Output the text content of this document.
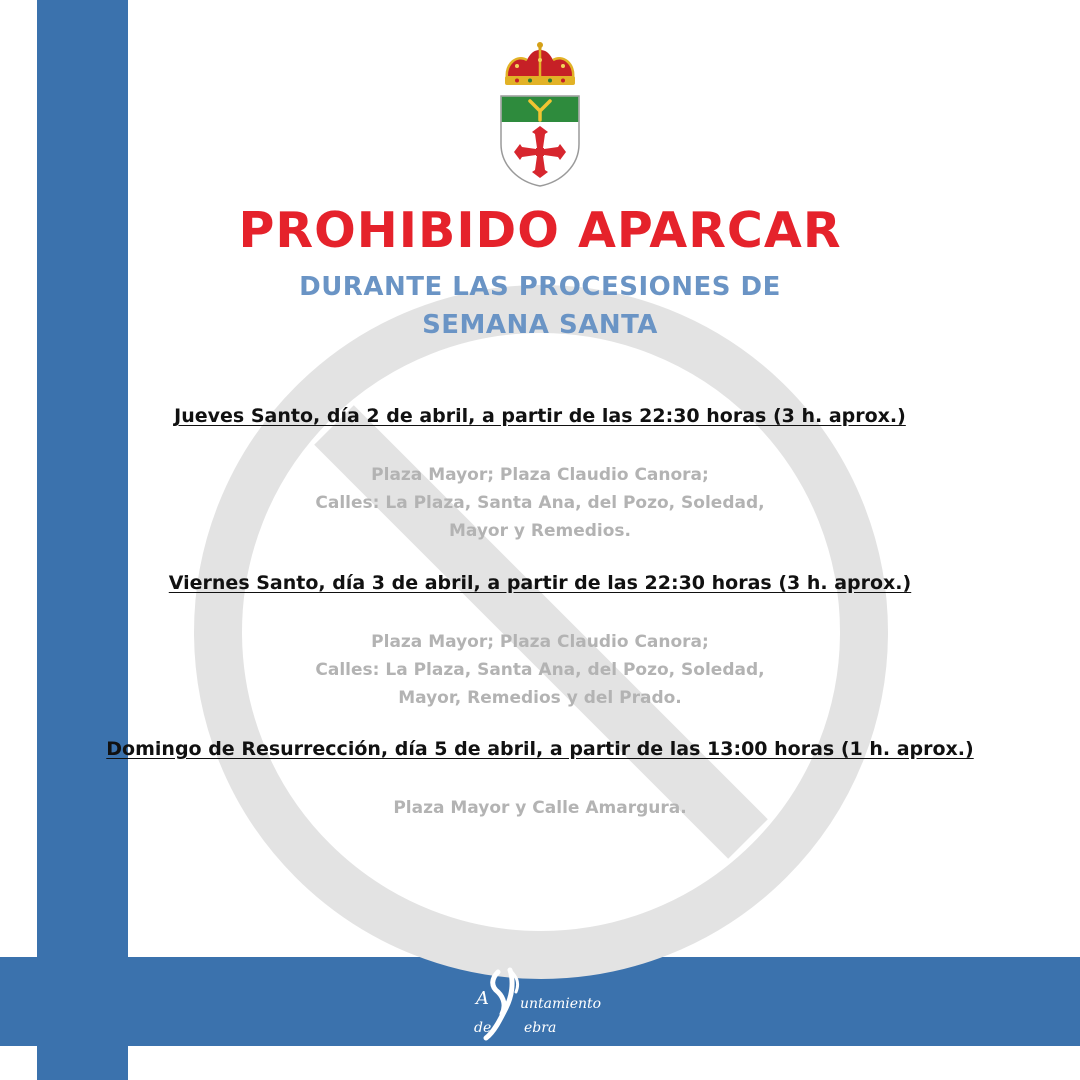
PROHIBIDO APARCAR
DURANTE LAS PROCESIONES DE
SEMANA SANTA
Jueves Santo, día 2 de abril, a partir de las 22:30 horas (3 h. aprox.)
Plaza Mayor; Plaza Claudio Canora;
Calles: La Plaza, Santa Ana, del Pozo, Soledad,
Mayor y Remedios.
Viernes Santo, día 3 de abril, a partir de las 22:30 horas (3 h. aprox.)
Plaza Mayor; Plaza Claudio Canora;
Calles: La Plaza, Santa Ana, del Pozo, Soledad,
Mayor, Remedios y del Prado.
Domingo de Resurrección, día 5 de abril, a partir de las 13:00 horas (1 h. aprox.)
Plaza Mayor y Calle Amargura.
A untamiento
de ebra
